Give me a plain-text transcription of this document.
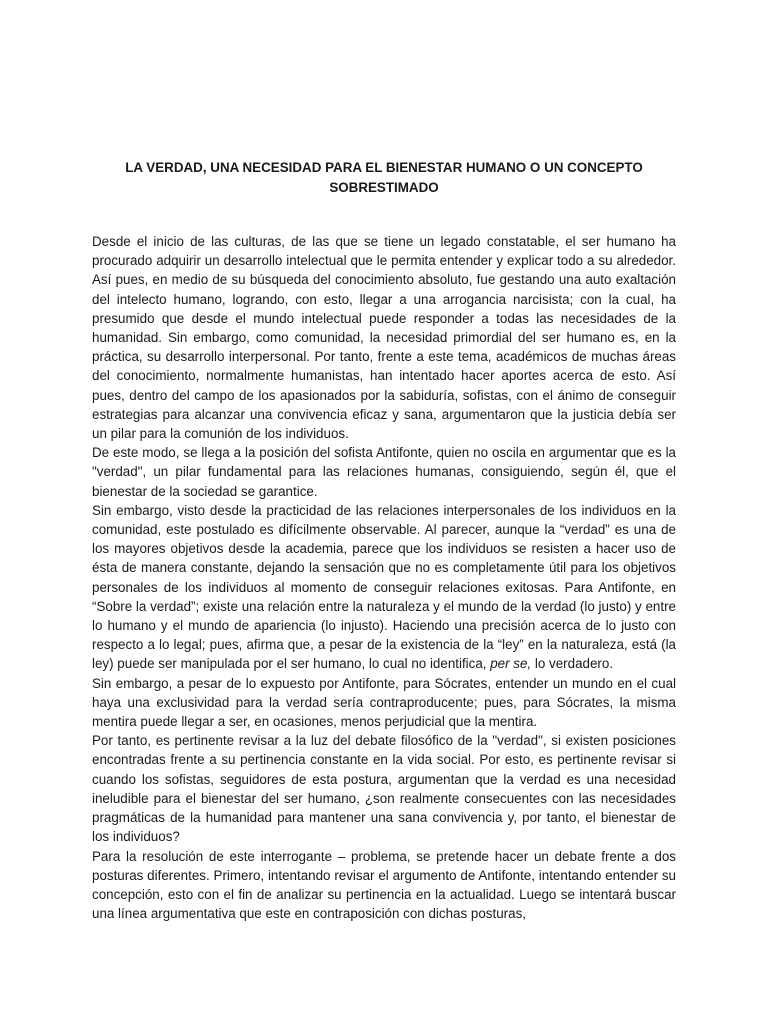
LA VERDAD, UNA NECESIDAD PARA EL BIENESTAR HUMANO O UN CONCEPTO SOBRESTIMADO

Desde el inicio de las culturas, de las que se tiene un legado constatable, el ser humano ha procurado adquirir un desarrollo intelectual que le permita entender y explicar todo a su alrededor. Así pues, en medio de su búsqueda del conocimiento absoluto, fue gestando una auto exaltación del intelecto humano, logrando, con esto, llegar a una arrogancia narcisista; con la cual, ha presumido que desde el mundo intelectual puede responder a todas las necesidades de la humanidad. Sin embargo, como comunidad, la necesidad primordial del ser humano es, en la práctica, su desarrollo interpersonal. Por tanto, frente a este tema, académicos de muchas áreas del conocimiento, normalmente humanistas, han intentado hacer aportes acerca de esto. Así pues, dentro del campo de los apasionados por la sabiduría, sofistas, con el ánimo de conseguir estrategias para alcanzar una convivencia eficaz y sana, argumentaron que la justicia debía ser un pilar para la comunión de los individuos.

De este modo, se llega a la posición del sofista Antifonte, quien no oscila en argumentar que es la "verdad", un pilar fundamental para las relaciones humanas, consiguiendo, según él, que el bienestar de la sociedad se garantice.

Sin embargo, visto desde la practicidad de las relaciones interpersonales de los individuos en la comunidad, este postulado es difícilmente observable. Al parecer, aunque la “verdad” es una de los mayores objetivos desde la academia, parece que los individuos se resisten a hacer uso de ésta de manera constante, dejando la sensación que no es completamente útil para los objetivos personales de los individuos al momento de conseguir relaciones exitosas. Para Antifonte, en “Sobre la verdad”; existe una relación entre la naturaleza y el mundo de la verdad (lo justo) y entre lo humano y el mundo de apariencia (lo injusto). Haciendo una precisión acerca de lo justo con respecto a lo legal; pues, afirma que, a pesar de la existencia de la “ley” en la naturaleza, está (la ley) puede ser manipulada por el ser humano, lo cual no identifica, per se, lo verdadero.

Sin embargo, a pesar de lo expuesto por Antifonte, para Sócrates, entender un mundo en el cual haya una exclusividad para la verdad sería contraproducente; pues, para Sócrates, la misma mentira puede llegar a ser, en ocasiones, menos perjudicial que la mentira.

Por tanto, es pertinente revisar a la luz del debate filosófico de la "verdad", si existen posiciones encontradas frente a su pertinencia constante en la vida social. Por esto, es pertinente revisar si cuando los sofistas, seguidores de esta postura, argumentan que la verdad es una necesidad ineludible para el bienestar del ser humano, ¿son realmente consecuentes con las necesidades pragmáticas de la humanidad para mantener una sana convivencia y, por tanto, el bienestar de los individuos?

Para la resolución de este interrogante – problema, se pretende hacer un debate frente a dos posturas diferentes. Primero, intentando revisar el argumento de Antifonte, intentando entender su concepción, esto con el fin de analizar su pertinencia en la actualidad. Luego se intentará buscar una línea argumentativa que este en contraposición con dichas posturas,
